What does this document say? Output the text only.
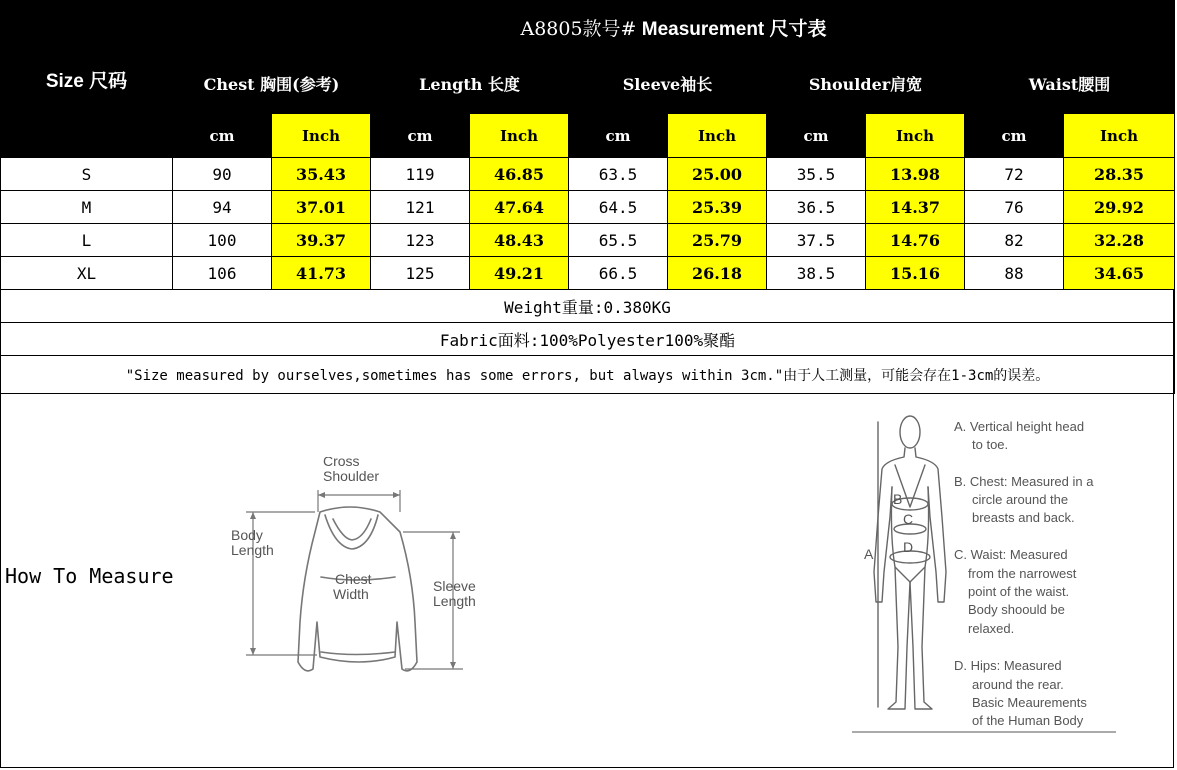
Size 尺码	A8805款号# Measurement 尺寸表									
	Chest 胸围(参考)		Length 长度		Sleeve袖长		Shoulder肩宽		Waist腰围	
	cm	Inch	cm	Inch	cm	Inch	cm	Inch	cm	Inch
S	90	35.43	119	46.85	63.5	25.00	35.5	13.98	72	28.35
M	94	37.01	121	47.64	64.5	25.39	36.5	14.37	76	29.92
L	100	39.37	123	48.43	65.5	25.79	37.5	14.76	82	32.28
XL	106	41.73	125	49.21	66.5	26.18	38.5	15.16	88	34.65
Weight重量:0.380KG										
Fabric面料:100%Polyester100%聚酯										
"Size measured by ourselves,sometimes has some errors, but always within 3cm."由于人工测量，可能会存在1-3cm的误差。										
How To Measure
Cross
Shoulder
Body
Length
Chest
Width	Sleeve
Length
B
C
D
A
A. Vertical height head
to toe.
B. Chest: Measured in a
circle around the
breasts and back.
C. Waist: Measured
from the narrowest
point of the waist.
Body shoould be
relaxed.
D. Hips: Measured
around the rear.
Basic Meaurements
of the Human Body
